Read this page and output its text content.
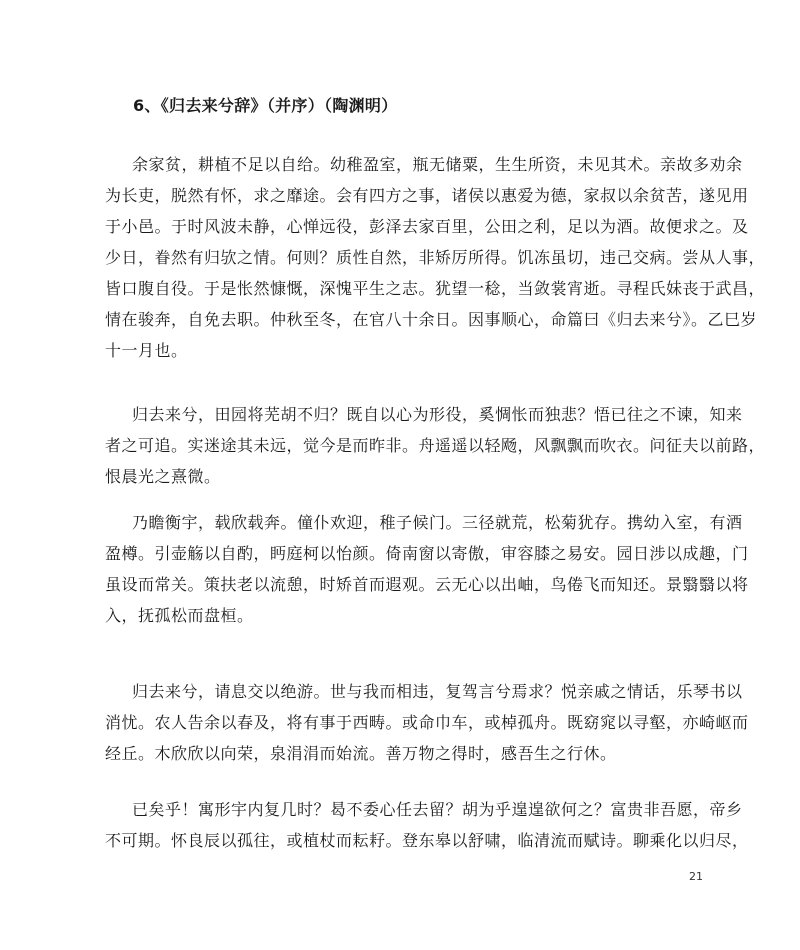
6、《归去来兮辞》（并序）（陶渊明）
余家贫，耕植不足以自给。幼稚盈室，瓶无储粟，生生所资，未见其术。亲故多劝余
为长吏，脱然有怀，求之靡途。会有四方之事，诸侯以惠爱为德，家叔以余贫苦，遂见用
于小邑。于时风波未静，心惮远役，彭泽去家百里，公田之利，足以为酒。故便求之。及
少日，眷然有归欤之情。何则？质性自然，非矫厉所得。饥冻虽切，违己交病。尝从人事，
皆口腹自役。于是怅然慷慨，深愧平生之志。犹望一稔，当敛裳宵逝。寻程氏妹丧于武昌，
情在骏奔，自免去职。仲秋至冬，在官八十余日。因事顺心，命篇曰《归去来兮》。乙巳岁
十一月也。
归去来兮，田园将芜胡不归？既自以心为形役，奚惆怅而独悲？悟已往之不谏，知来
者之可追。实迷途其未远，觉今是而昨非。舟遥遥以轻飏，风飘飘而吹衣。问征夫以前路，
恨晨光之熹微。
乃瞻衡宇，载欣载奔。僮仆欢迎，稚子候门。三径就荒，松菊犹存。携幼入室，有酒
盈樽。引壶觞以自酌，眄庭柯以怡颜。倚南窗以寄傲，审容膝之易安。园日涉以成趣，门
虽设而常关。策扶老以流憩，时矫首而遐观。云无心以出岫，鸟倦飞而知还。景翳翳以将
入，抚孤松而盘桓。
归去来兮，请息交以绝游。世与我而相违，复驾言兮焉求？悦亲戚之情话，乐琴书以
消忧。农人告余以春及，将有事于西畴。或命巾车，或棹孤舟。既窈窕以寻壑，亦崎岖而
经丘。木欣欣以向荣，泉涓涓而始流。善万物之得时，感吾生之行休。
已矣乎！寓形宇内复几时？曷不委心任去留？胡为乎遑遑欲何之？富贵非吾愿，帝乡
不可期。怀良辰以孤往，或植杖而耘耔。登东皋以舒啸，临清流而赋诗。聊乘化以归尽，
21
